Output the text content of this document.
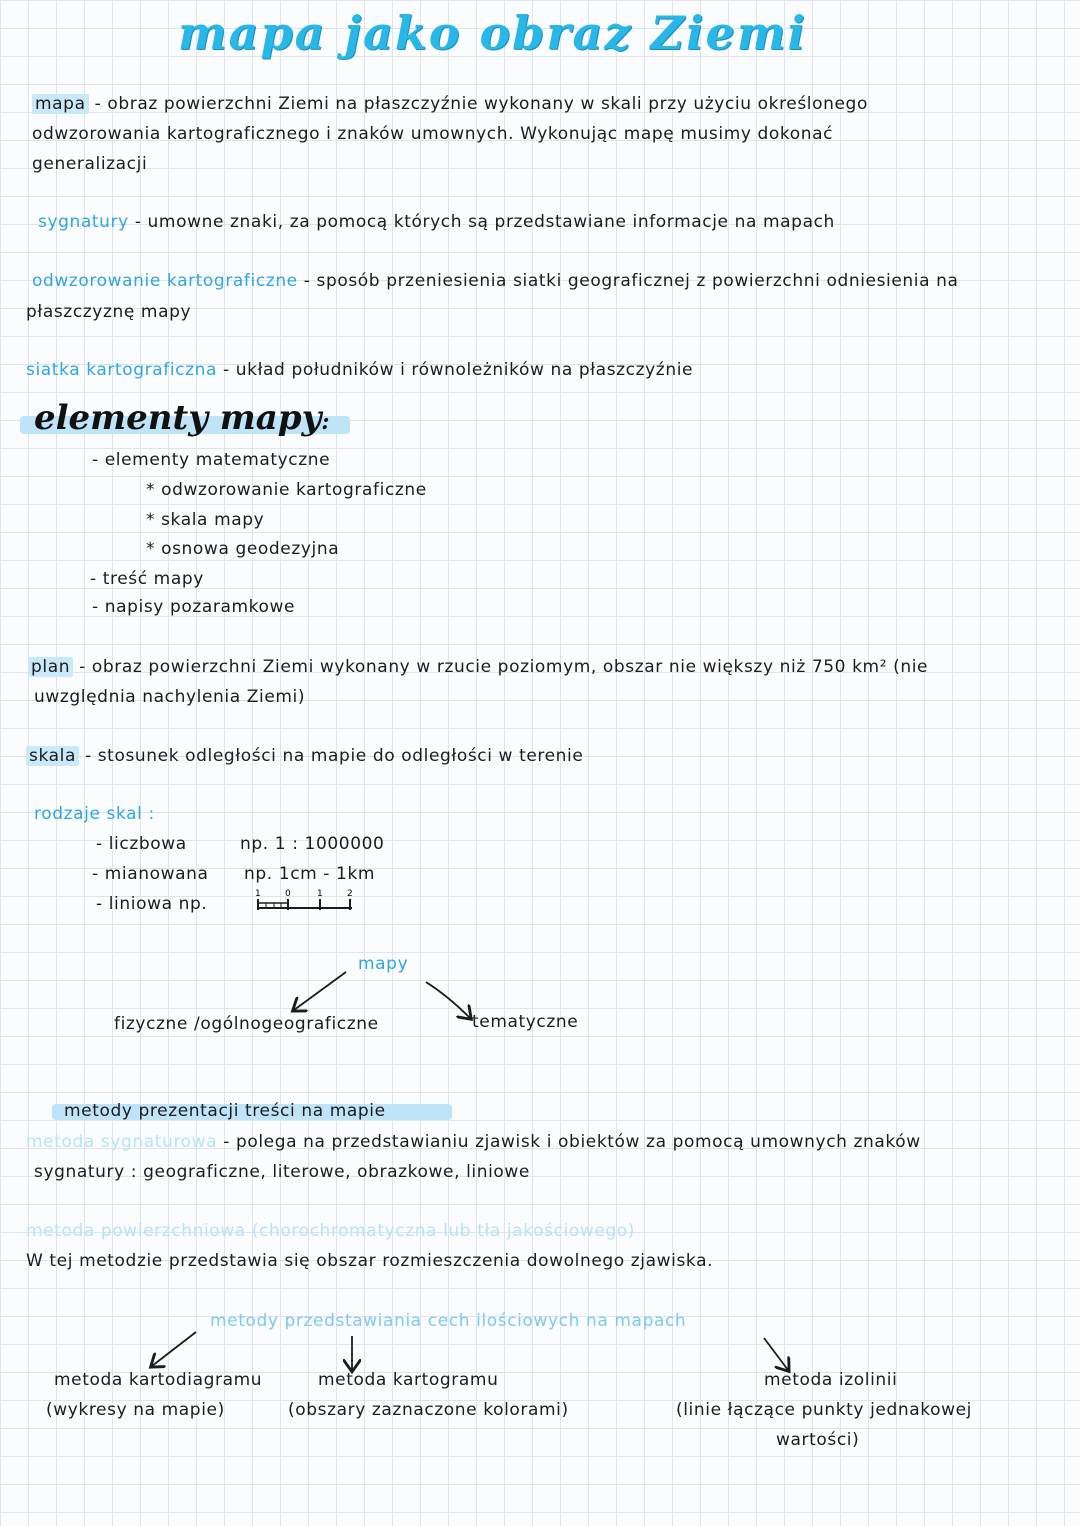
mapa jako obraz Ziemi
mapa - obraz powierzchni Ziemi na płaszczyźnie wykonany w skali przy użyciu określonego
odwzorowania kartograficznego i znaków umownych. Wykonując mapę musimy dokonać
generalizacji
sygnatury - umowne znaki, za pomocą których są przedstawiane informacje na mapach
odwzorowanie kartograficzne - sposób przeniesienia siatki geograficznej z powierzchni odniesienia na
płaszczyznę mapy
siatka kartograficzna - układ południków i równoleżników na płaszczyźnie
elementy mapy:
- elementy matematyczne
* odwzorowanie kartograficzne
* skala mapy
* osnowa geodezyjna
- treść mapy
- napisy pozaramkowe
plan - obraz powierzchni Ziemi wykonany w rzucie poziomym, obszar nie większy niż 750 km² (nie
uwzględnia nachylenia Ziemi)
skala - stosunek odległości na mapie do odległości w terenie
rodzaje skal :
- liczbowa	np. 1 : 1000000
- mianowana np. 1cm - 1km
- liniowa np.	1	0	1	2
mapy
fizyczne /ogólnogeograficzne	tematyczne
metody prezentacji treści na mapie
metoda sygnaturowa - polega na przedstawianiu zjawisk i obiektów za pomocą umownych znaków
sygnatury : geograficzne, literowe, obrazkowe, liniowe
metoda powierzchniowa (chorochromatyczna lub tła jakościowego)
W tej metodzie przedstawia się obszar rozmieszczenia dowolnego zjawiska.
metody przedstawiania cech ilościowych na mapach
metoda kartodiagramu
(wykresy na mapie)
metoda kartogramu
(obszary zaznaczone kolorami)
metoda izolinii
(linie łączące punkty jednakowej
wartości)
